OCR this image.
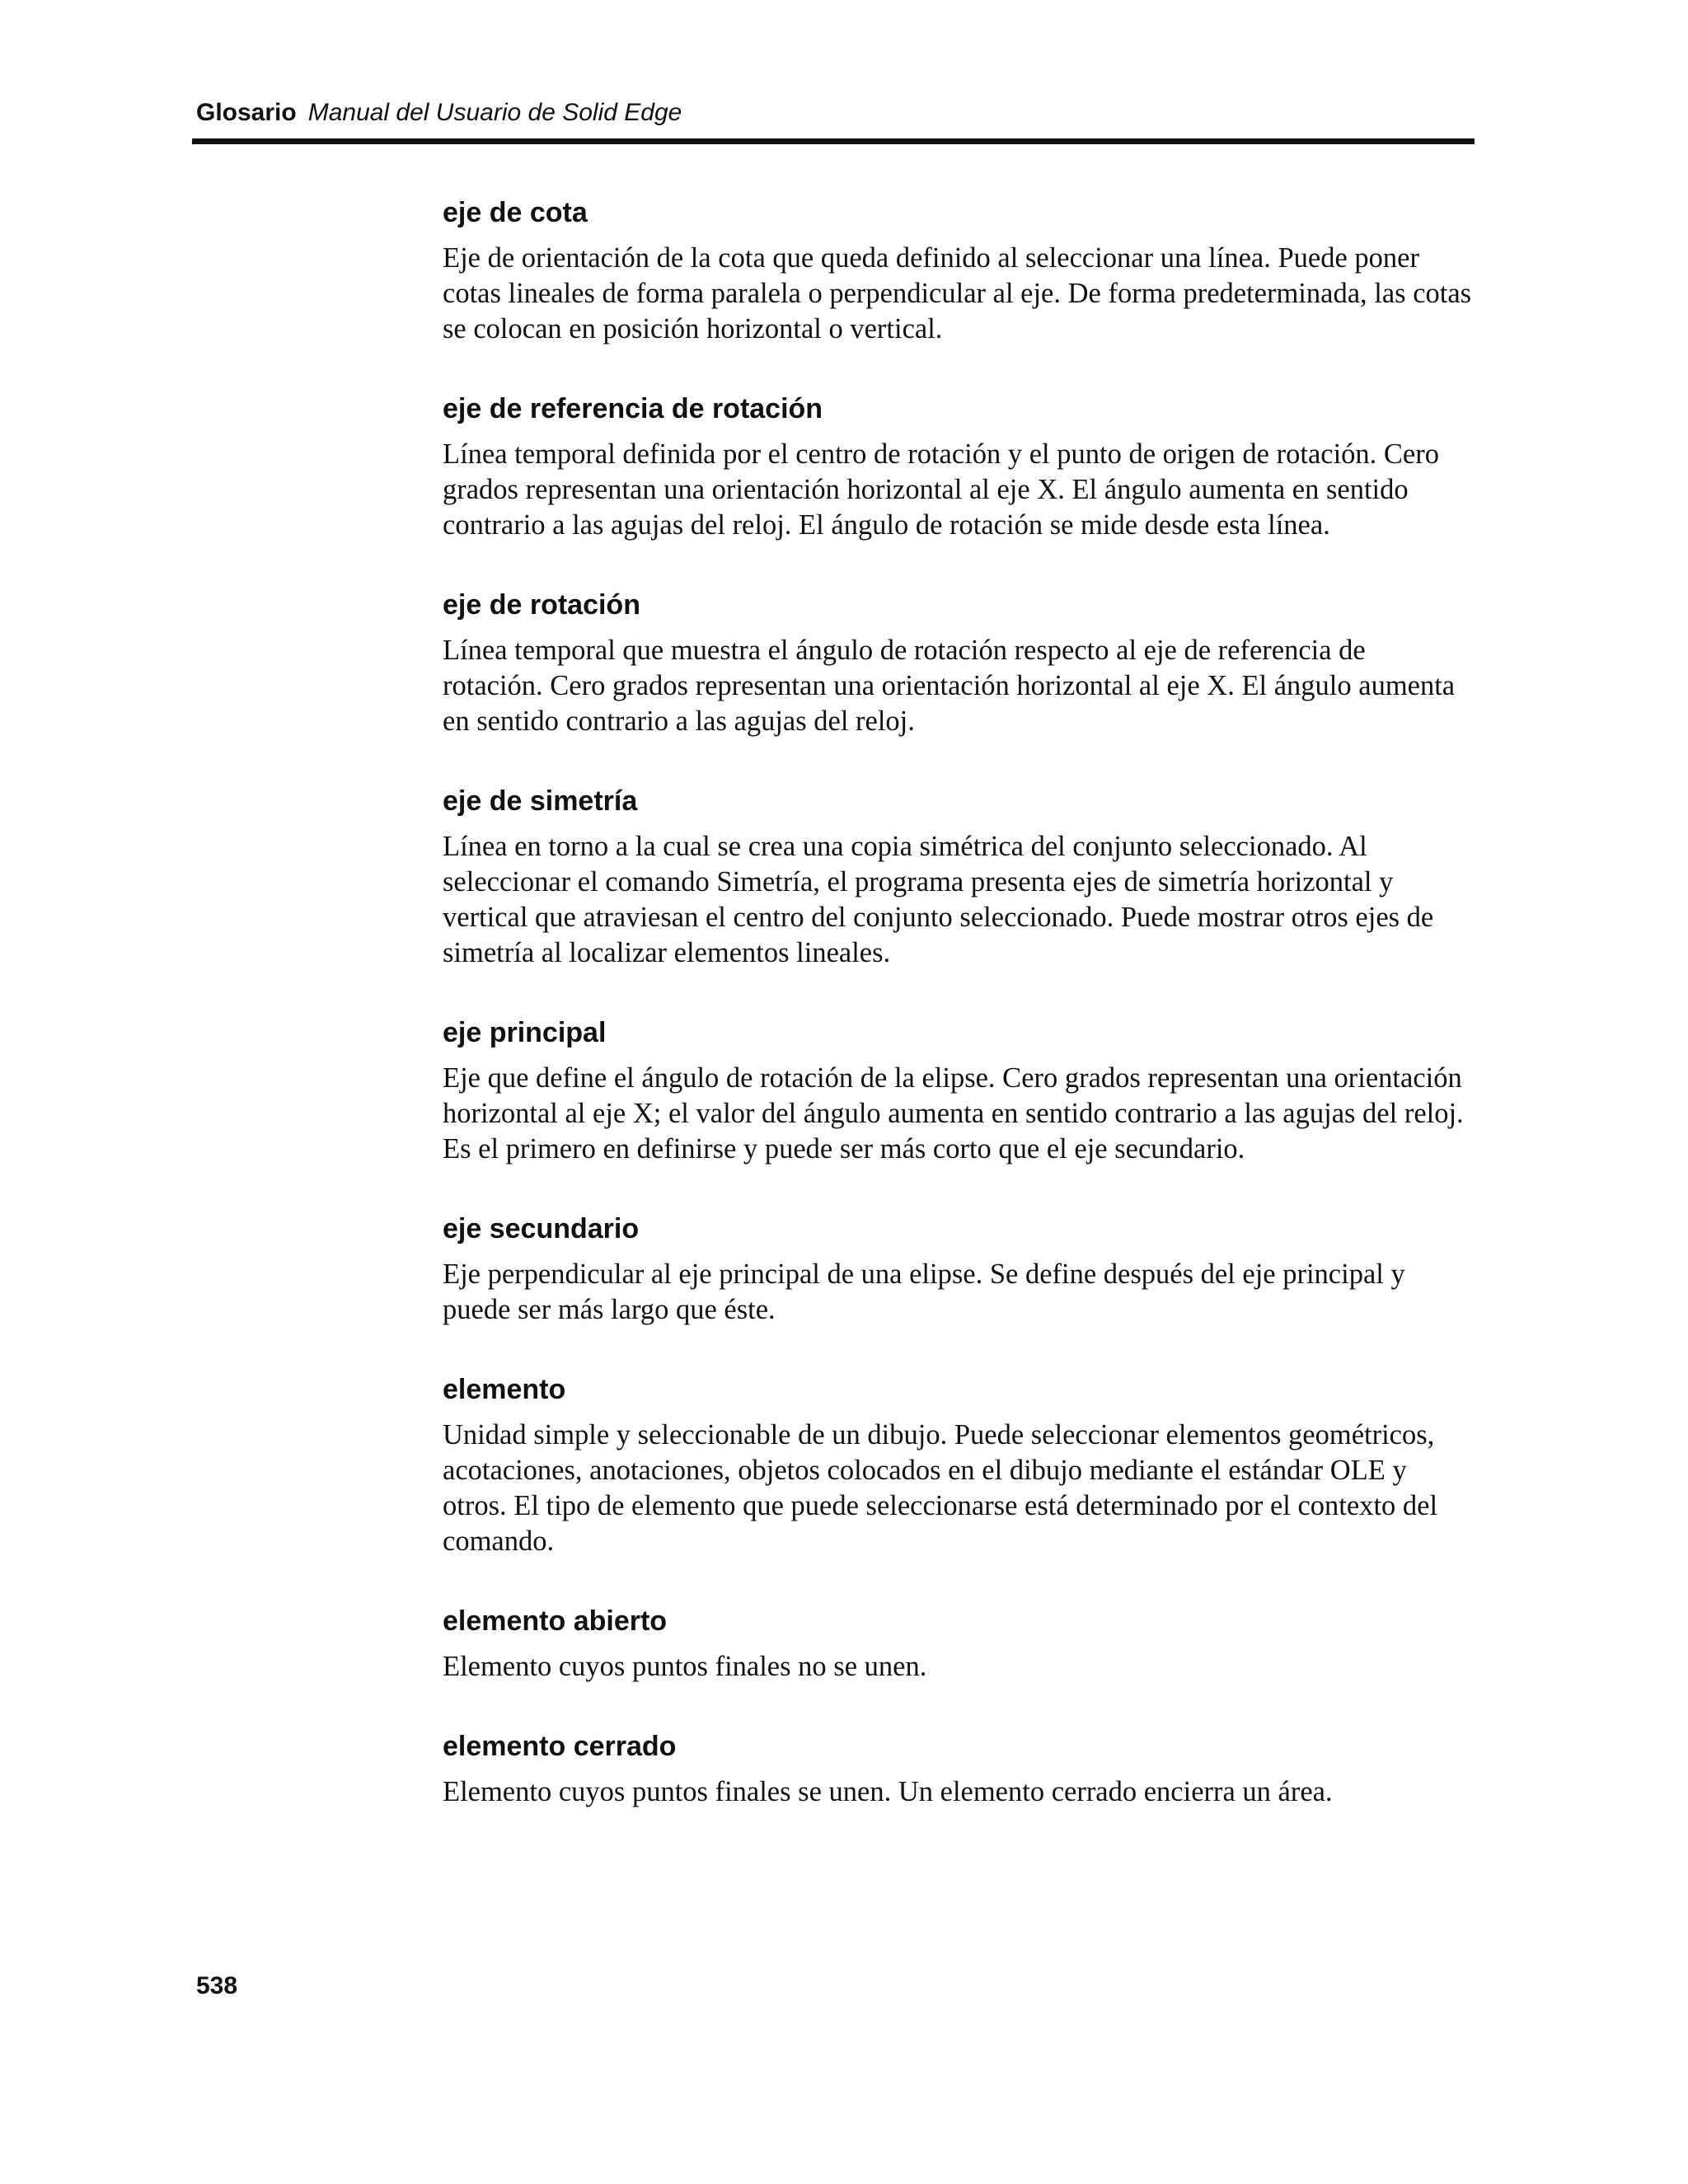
Glosario Manual del Usuario de Solid Edge
eje de cota

Eje de orientación de la cota que queda definido al seleccionar una línea. Puede poner cotas lineales de forma paralela o perpendicular al eje. De forma predeterminada, las cotas se colocan en posición horizontal o vertical.

eje de referencia de rotación

Línea temporal definida por el centro de rotación y el punto de origen de rotación. Cero grados representan una orientación horizontal al eje X. El ángulo aumenta en sentido contrario a las agujas del reloj. El ángulo de rotación se mide desde esta línea.

eje de rotación

Línea temporal que muestra el ángulo de rotación respecto al eje de referencia de rotación. Cero grados representan una orientación horizontal al eje X. El ángulo aumenta en sentido contrario a las agujas del reloj.

eje de simetría

Línea en torno a la cual se crea una copia simétrica del conjunto seleccionado. Al seleccionar el comando Simetría, el programa presenta ejes de simetría horizontal y vertical que atraviesan el centro del conjunto seleccionado. Puede mostrar otros ejes de simetría al localizar elementos lineales.

eje principal

Eje que define el ángulo de rotación de la elipse. Cero grados representan una orientación horizontal al eje X; el valor del ángulo aumenta en sentido contrario a las agujas del reloj. Es el primero en definirse y puede ser más corto que el eje secundario.

eje secundario

Eje perpendicular al eje principal de una elipse. Se define después del eje principal y puede ser más largo que éste.

elemento

Unidad simple y seleccionable de un dibujo. Puede seleccionar elementos geométricos, acotaciones, anotaciones, objetos colocados en el dibujo mediante el estándar OLE y otros. El tipo de elemento que puede seleccionarse está determinado por el contexto del comando.

elemento abierto

Elemento cuyos puntos finales no se unen.

elemento cerrado

Elemento cuyos puntos finales se unen. Un elemento cerrado encierra un área.

538
